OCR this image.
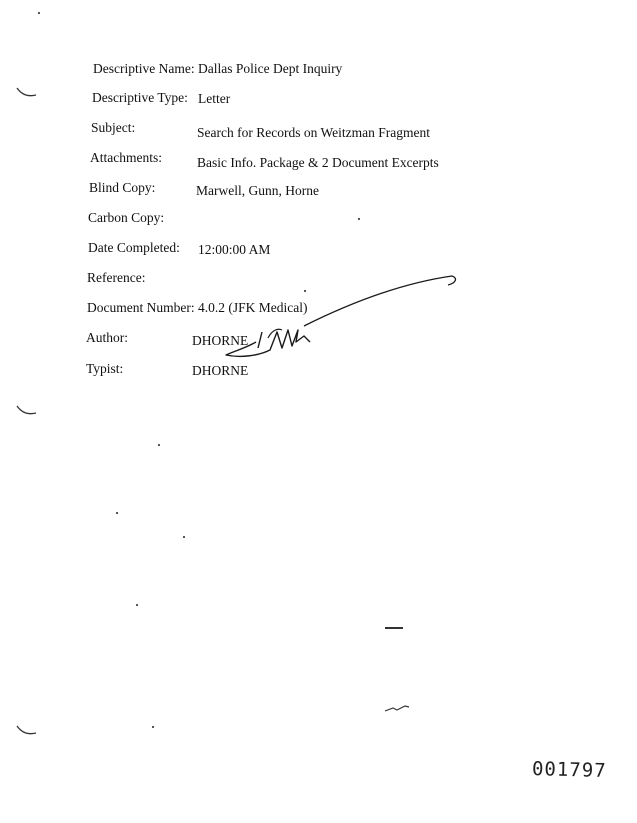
Descriptive Name: Dallas Police Dept Inquiry
Descriptive Type: Letter
Subject:	Search for Records on Weitzman Fragment
Attachments:	Basic Info. Package & 2 Document Excerpts
Blind Copy:	Marwell, Gunn, Horne
Carbon Copy:
Date Completed: 12:00:00 AM
Reference:
Document Number: 4.0.2 (JFK Medical)
Author:	DHORNE
Typist:	DHORNE
001797
